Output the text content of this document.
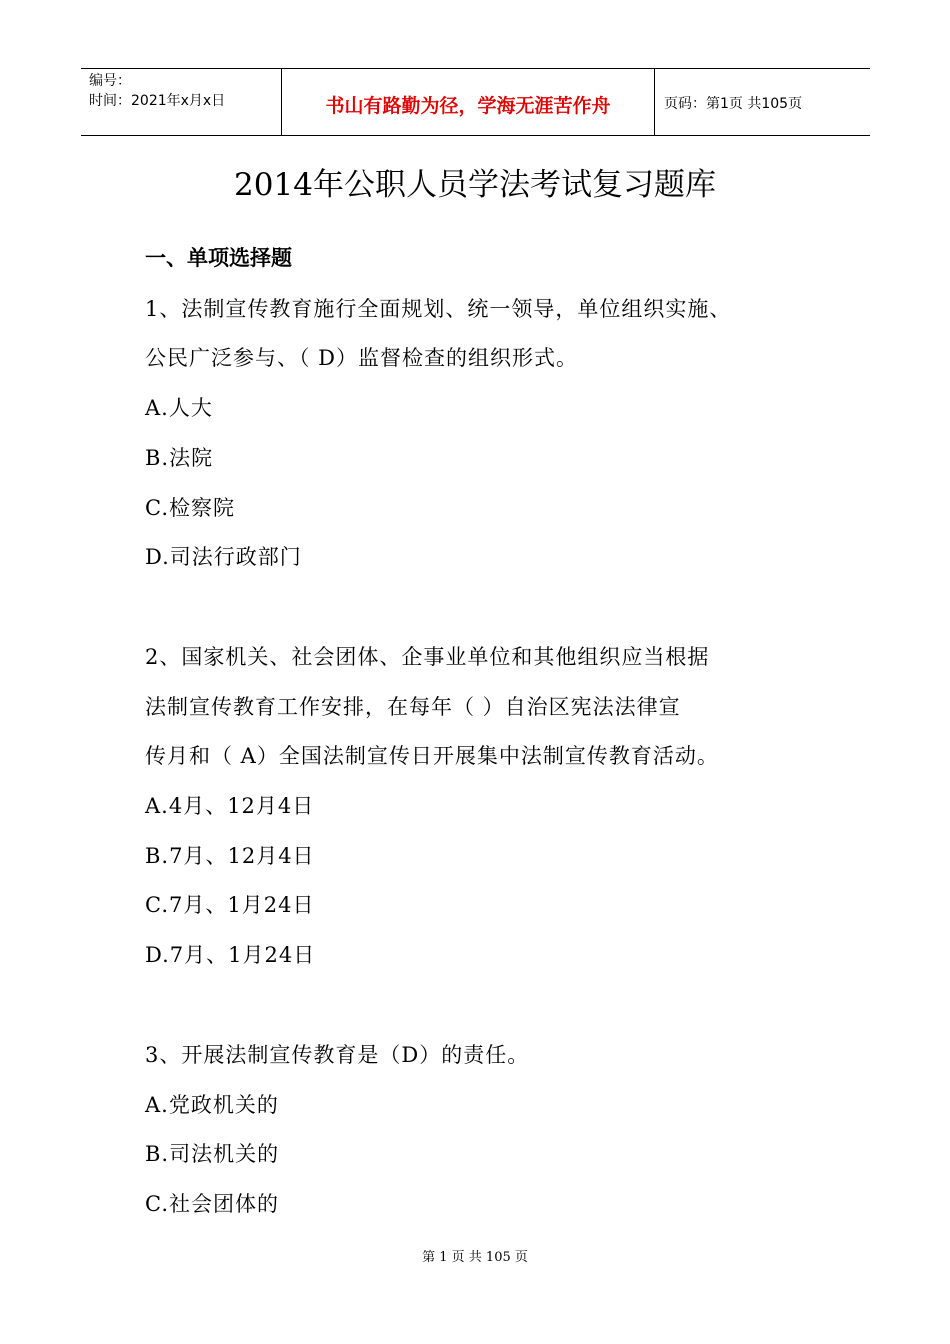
编号：
时间：2021年x月x日	书山有路勤为径，学海无涯苦作舟	页码：第1页 共105页
2014年公职人员学法考试复习题库
一、单项选择题
1、法制宣传教育施行全面规划、统一领导，单位组织实施、
公民广泛参与、（ D）监督检查的组织形式。
A.人大
B.法院
C.检察院
D.司法行政部门
2、国家机关、社会团体、企事业单位和其他组织应当根据
法制宣传教育工作安排，在每年（ ）自治区宪法法律宣
传月和（ A）全国法制宣传日开展集中法制宣传教育活动。
A.4月、12月4日
B.7月、12月4日
C.7月、1月24日
D.7月、1月24日
3、开展法制宣传教育是（D）的责任。
A.党政机关的
B.司法机关的
C.社会团体的
第 1 页 共 105 页
